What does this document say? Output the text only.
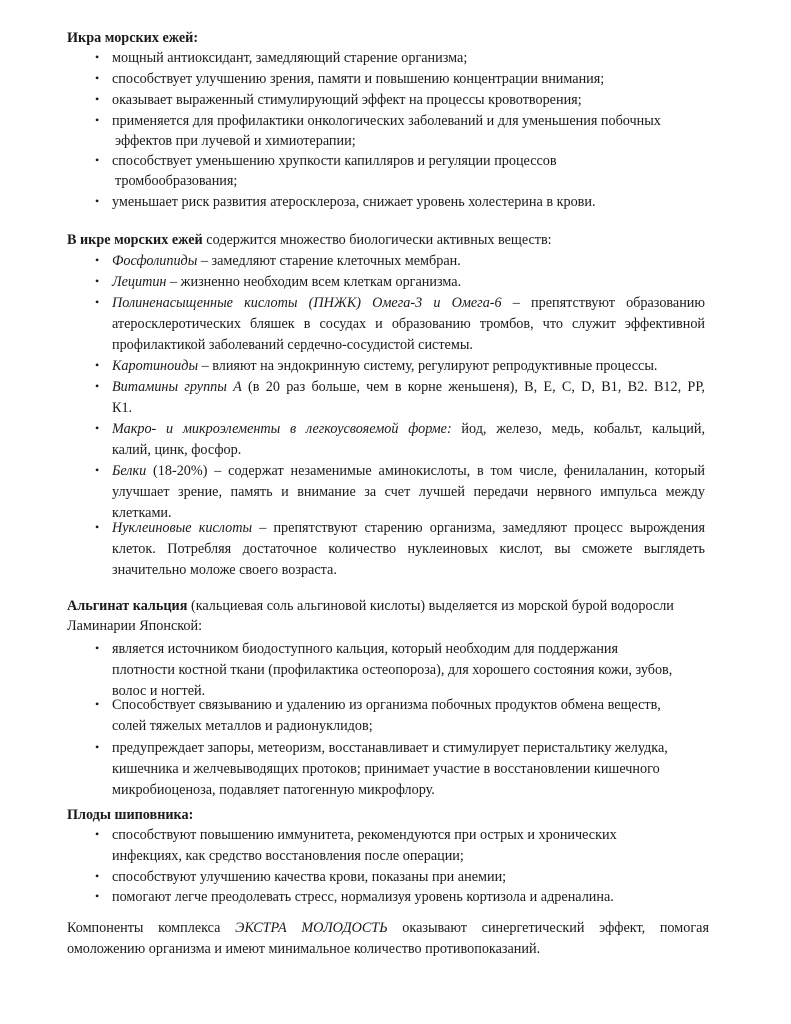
Икра морских ежей:
• мощный антиоксидант, замедляющий старение организма;
• способствует улучшению зрения, памяти и повышению концентрации внимания;
• оказывает выраженный стимулирующий эффект на процессы кровотворения;
• применяется для профилактики онкологических заболеваний и для уменьшения побочных
эффектов при лучевой и химиотерапии;
• способствует уменьшению хрупкости капилляров и регуляции процессов
тромбообразования;
• уменьшает риск развития атеросклероза, снижает уровень холестерина в крови.
В икре морских ежей содержится множество биологически активных веществ:
• Фосфолипиды – замедляют старение клеточных мембран.
• Лецитин – жизненно необходим всем клеткам организма.
• Полиненасыщенные кислоты (ПНЖК) Омега-3 и Омега-6 – препятствуют образованию
атеросклеротических бляшек в сосудах и образованию тромбов, что служит эффективной
профилактикой заболеваний сердечно-сосудистой системы.
• Каротиноиды – влияют на эндокринную систему, регулируют репродуктивные процессы.
• Витамины группы А (в 20 раз больше, чем в корне женьшеня), В, Е, С, D, В1, В2. В12, РР,
К1.
• Макро- и микроэлементы в легкоусвояемой форме: йод, железо, медь, кобальт, кальций,
калий, цинк, фосфор.
• Белки (18-20%) – содержат незаменимые аминокислоты, в том числе, фенилаланин, который
улучшает зрение, память и внимание за счет лучшей передачи нервного импульса между
клетками.
• Нуклеиновые кислоты – препятствуют старению организма, замедляют процесс вырождения
клеток. Потребляя достаточное количество нуклеиновых кислот, вы сможете выглядеть
значительно моложе своего возраста.
Альгинат кальция (кальциевая соль альгиновой кислоты) выделяется из морской бурой водоросли
Ламинарии Японской:
• является источником биодоступного кальция, который необходим для поддержания
плотности костной ткани (профилактика остеопороза), для хорошего состояния кожи, зубов,
волос и ногтей.
• Способствует связыванию и удалению из организма побочных продуктов обмена веществ,
солей тяжелых металлов и радионуклидов;
• предупреждает запоры, метеоризм, восстанавливает и стимулирует перистальтику желудка,
кишечника и желчевыводящих протоков; принимает участие в восстановлении кишечного
микробиоценоза, подавляет патогенную микрофлору.
Плоды шиповника:
• способствуют повышению иммунитета, рекомендуются при острых и хронических
инфекциях, как средство восстановления после операции;
• способствуют улучшению качества крови, показаны при анемии;
• помогают легче преодолевать стресс, нормализуя уровень кортизола и адреналина.
Компоненты комплекса ЭКСТРА МОЛОДОСТЬ оказывают синергетический эффект, помогая
омоложению организма и имеют минимальное количество противопоказаний.
